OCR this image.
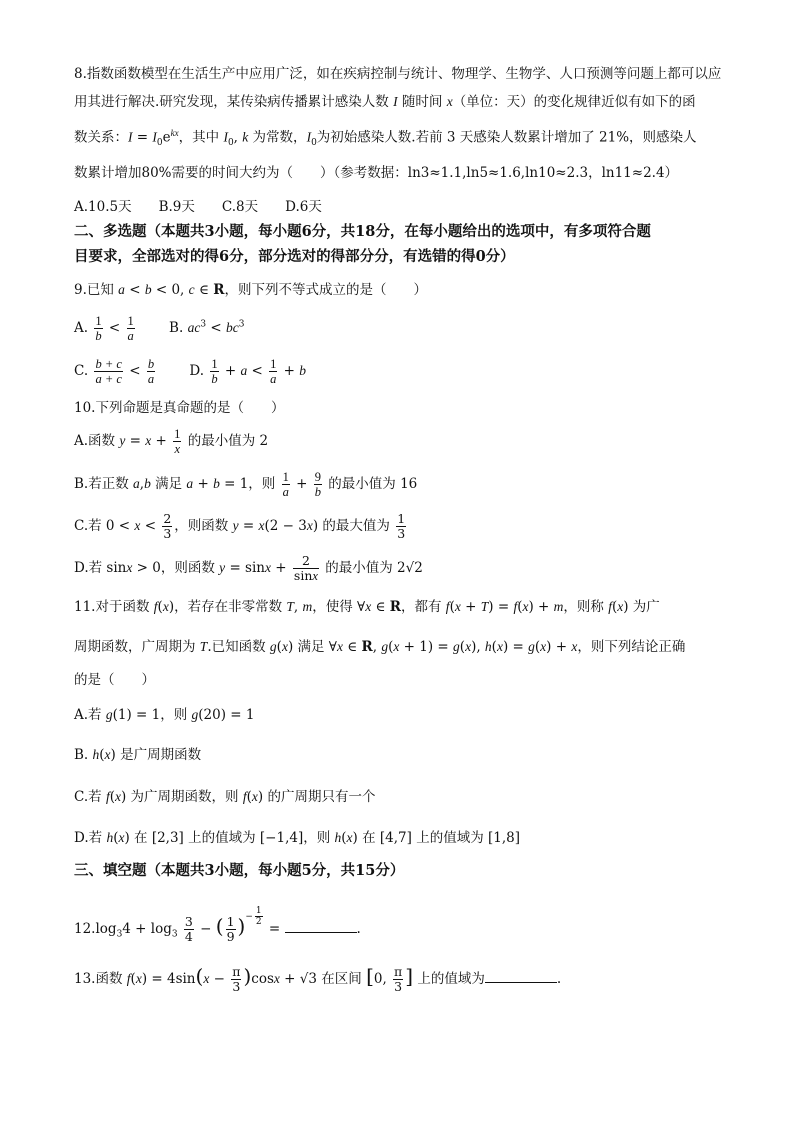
8.指数函数模型在生活生产中应用广泛，如在疾病控制与统计、物理学、生物学、人口预测等问题上都可以应
用其进行解决.研究发现，某传染病传播累计感染人数 I 随时间 x（单位：天）的变化规律近似有如下的函
数关系：$I = I_0e^{kx}$，其中 $I_0$, k 为常数，$I_0$为初始感染人数.若前 3 天感染人数累计增加了 21%，则感染人
数累计增加80%需要的时间大约为（　　）（参考数据：ln3≈1.1,ln5≈1.6,ln10≈2.3，ln11≈2.4）
A.10.5天　　B.9天　　C.8天　　D.6天
二、多选题（本题共3小题，每小题6分，共18分，在每小题给出的选项中，有多项符合题
目要求，全部选对的得6分，部分选对的得部分分，有选错的得0分）
9.已知 a < b < 0, c ∈ R，则下列不等式成立的是（　　）
A. $\frac{1}{b} < \frac{1}{a}$	B. $ac^3 < bc^3$
C. $\frac{b + c}{a + c} < \frac{b}{a}$	D. $\frac{1}{b} + a < \frac{1}{a} + b$
10.下列命题是真命题的是（　　）
A.函数 $y = x + \frac{1}{x}$ 的最小值为 2
B.若正数 a,b 满足 a + b = 1，则 $\frac{1}{a} + \frac{9}{b}$ 的最小值为 16
C.若 $0 < x < \frac{2}{3}$ ，则函数 y = x(2 − 3x) 的最大值为 $\frac{1}{3}$
D.若 sinx > 0，则函数 $y = \sin x + \frac{2}{\sin x}$ 的最小值为 2√2
11.对于函数 f(x)，若存在非零常数 T, m，使得 ∀x ∈ R，都有 f(x + T) = f(x) + m，则称 f(x) 为广
周期函数，广周期为 T.已知函数 g(x) 满足 ∀x ∈ R, g(x + 1) = g(x), h(x) = g(x) + x，则下列结论正确
的是（　　）
A.若 g(1) = 1，则 g(20) = 1
B. h(x) 是广周期函数
C.若 f(x) 为广周期函数，则 f(x) 的广周期只有一个
D.若 h(x) 在 [2,3] 上的值域为 [−1,4]，则 h(x) 在 [4,7] 上的值域为 [1,8]
三、填空题（本题共3小题，每小题5分，共15分）
$12.\log_34 + \log_3 \frac{3}{4}$ − ( $\frac{1}{9} )^{- \frac{1}{2}}$
=	.
13.函数 $f(x) = 4\sin(x - \frac{\pi}{3} )\cos x + √3$ 在区间 [0, $\frac{\pi}{3}$ ] 上的值域为	.
